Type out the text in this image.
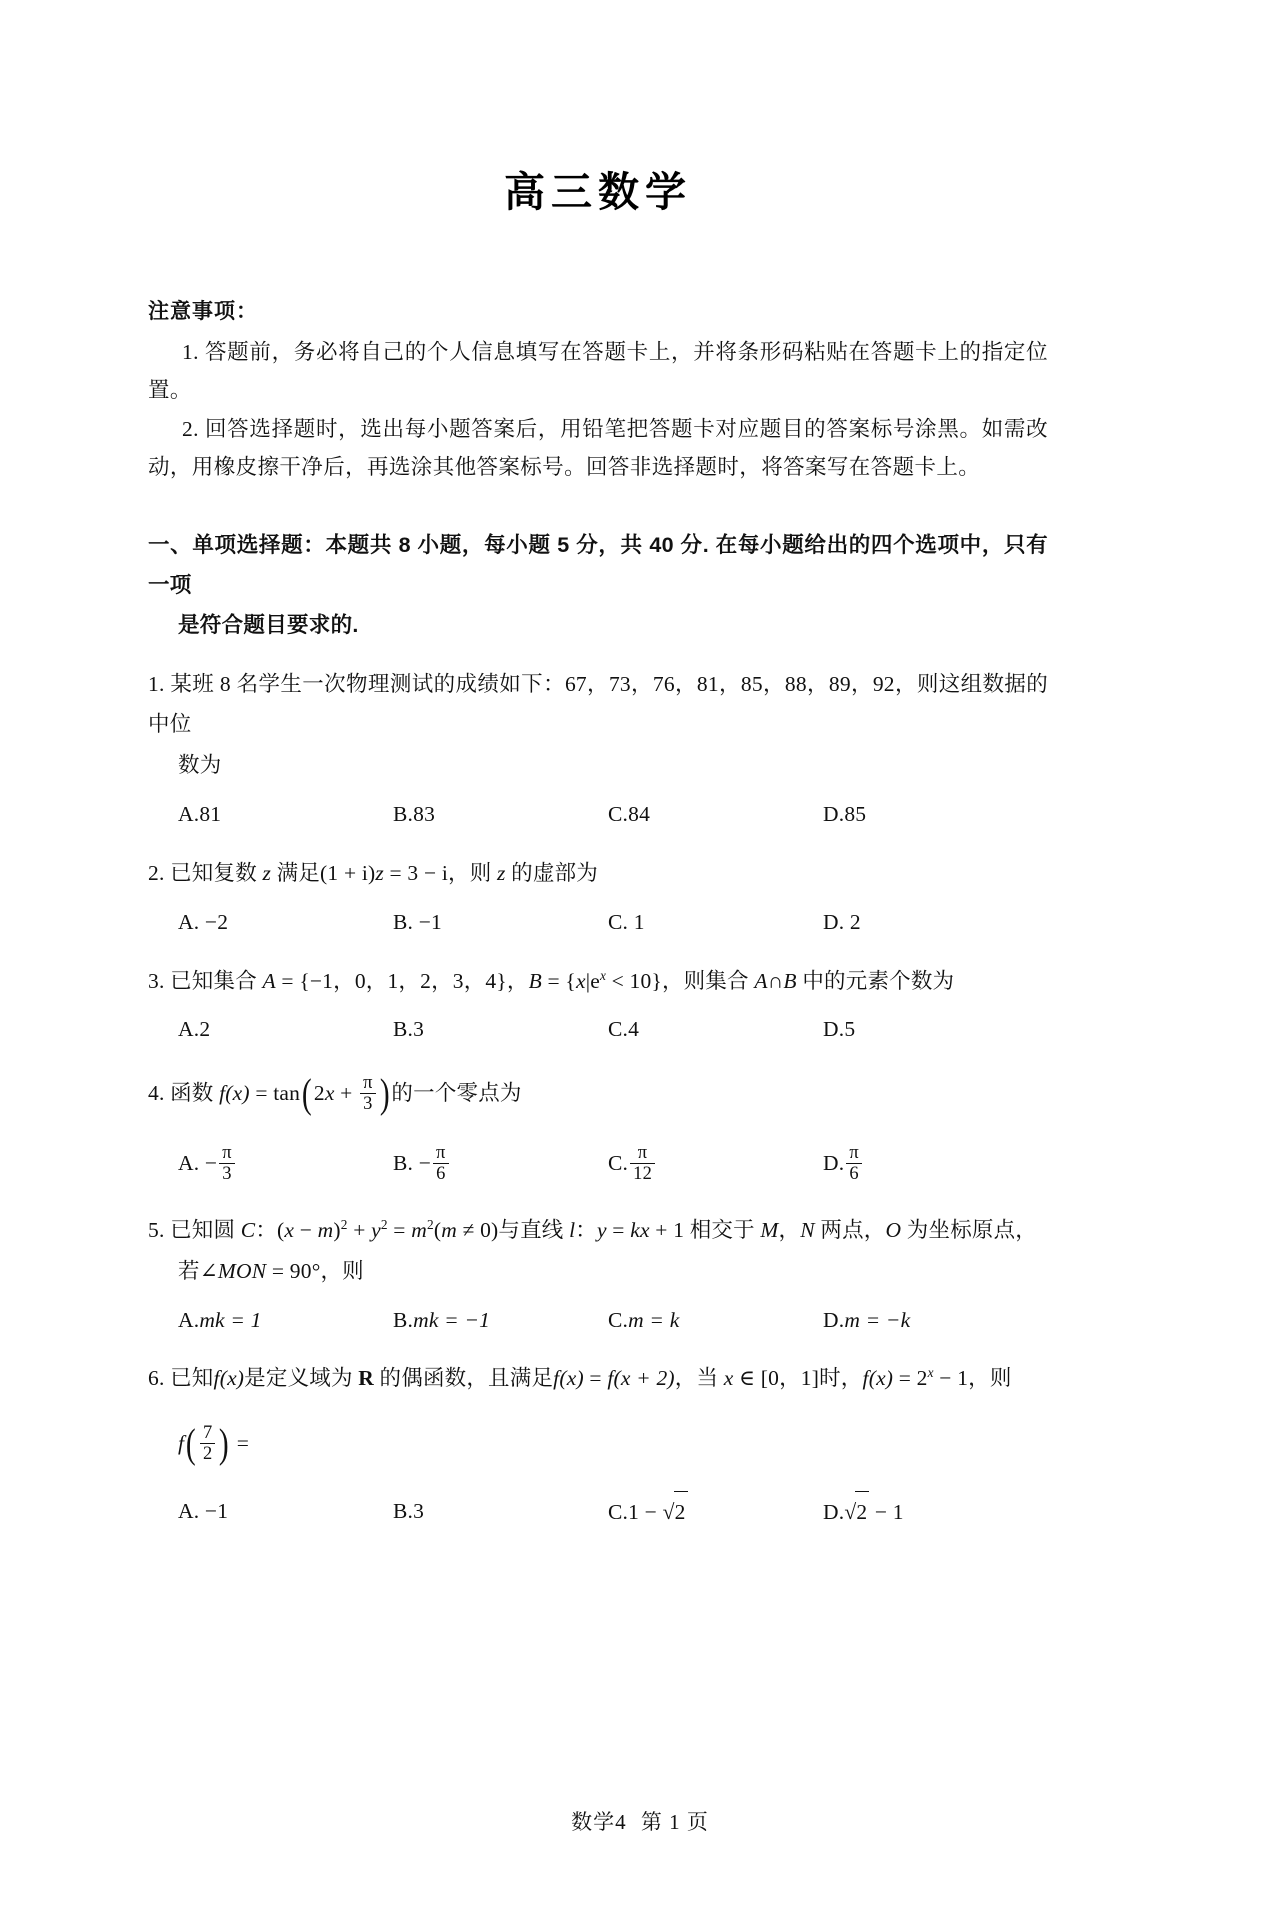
高三数学
注意事项：

1. 答题前，务必将自己的个人信息填写在答题卡上，并将条形码粘贴在答题卡上的指定位置。

2. 回答选择题时，选出每小题答案后，用铅笔把答题卡对应题目的答案标号涂黑。如需改动，用橡皮擦干净后，再选涂其他答案标号。回答非选择题时，将答案写在答题卡上。

一、单项选择题：本题共 8 小题，每小题 5 分，共 40 分. 在每小题给出的四个选项中，只有一项
是符合题目要求的.
1. 某班 8 名学生一次物理测试的成绩如下：67，73，76，81，85，88，89，92，则这组数据的中位
数为
A.81	B.83	C.84	D.85
2. 已知复数 z 满足(1 + i)z = 3 − i，则 z 的虚部为
A. −2	B. −1	C. 1	D. 2
3. 已知集合 A = {−1，0，1，2，3，4}，$B = \{x|e^x < 10\}$，则集合 A∩B 中的元素个数为
A.2	B.3	C.4	D.5
4. 函数 $f(x) = \tan(2x + \frac{\pi}{3}$ )的一个零点为
A. − $\frac{\pi}{3}$	B. − $\frac{\pi}{6}$	C. $\frac{\pi}{12}$	D. $\frac{\pi}{6}$
5. 已知圆 C：$(x - m)^2 + y^2 = m^2(m \ne 0)$与直线 l：y = kx + 1 相交于 M，N 两点，O 为坐标原点，
若∠MON = 90°，则
A.mk = 1	B.mk = −1	C.m = k	D.m = −k
6. 已知f(x)是定义域为 R 的偶函数，且满足f(x) = f(x + 2)，当 x ∈ [0，1]时，$f(x) = 2^x - 1$，则
$f( \frac{7}{2}$ ) =
A. −1	B.3	C.1 − √2	D.√2 − 1
数学4 第 1 页
